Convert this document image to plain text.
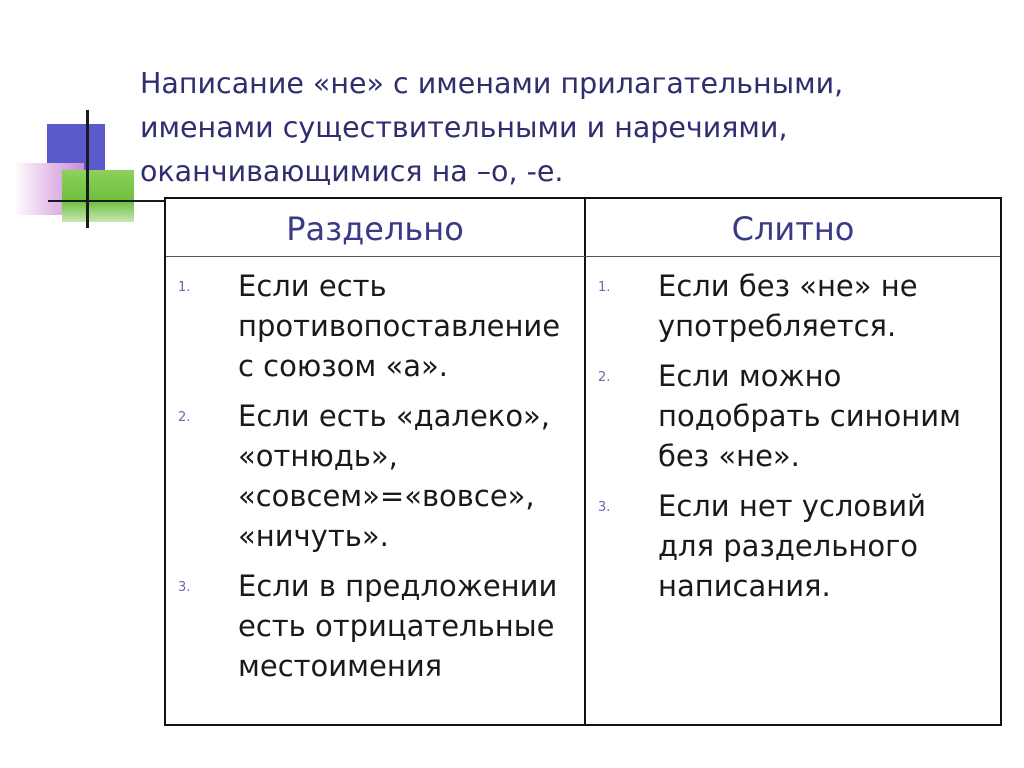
Написание «не» с именами прилагательными,
именами существительными и наречиями,
оканчивающимися на –о, -е.
Раздельно	Слитно
1. Если есть
противопоставление
с союзом «а».
2. Если есть «далеко»,
«отнюдь»,
«совсем»=«вовсе»,
«ничуть».
3. Если в предложении
есть отрицательные
местоимения
1. Если без «не» не
употребляется.
2. Если можно
подобрать синоним
без «не».
3. Если нет условий
для раздельного
написания.
